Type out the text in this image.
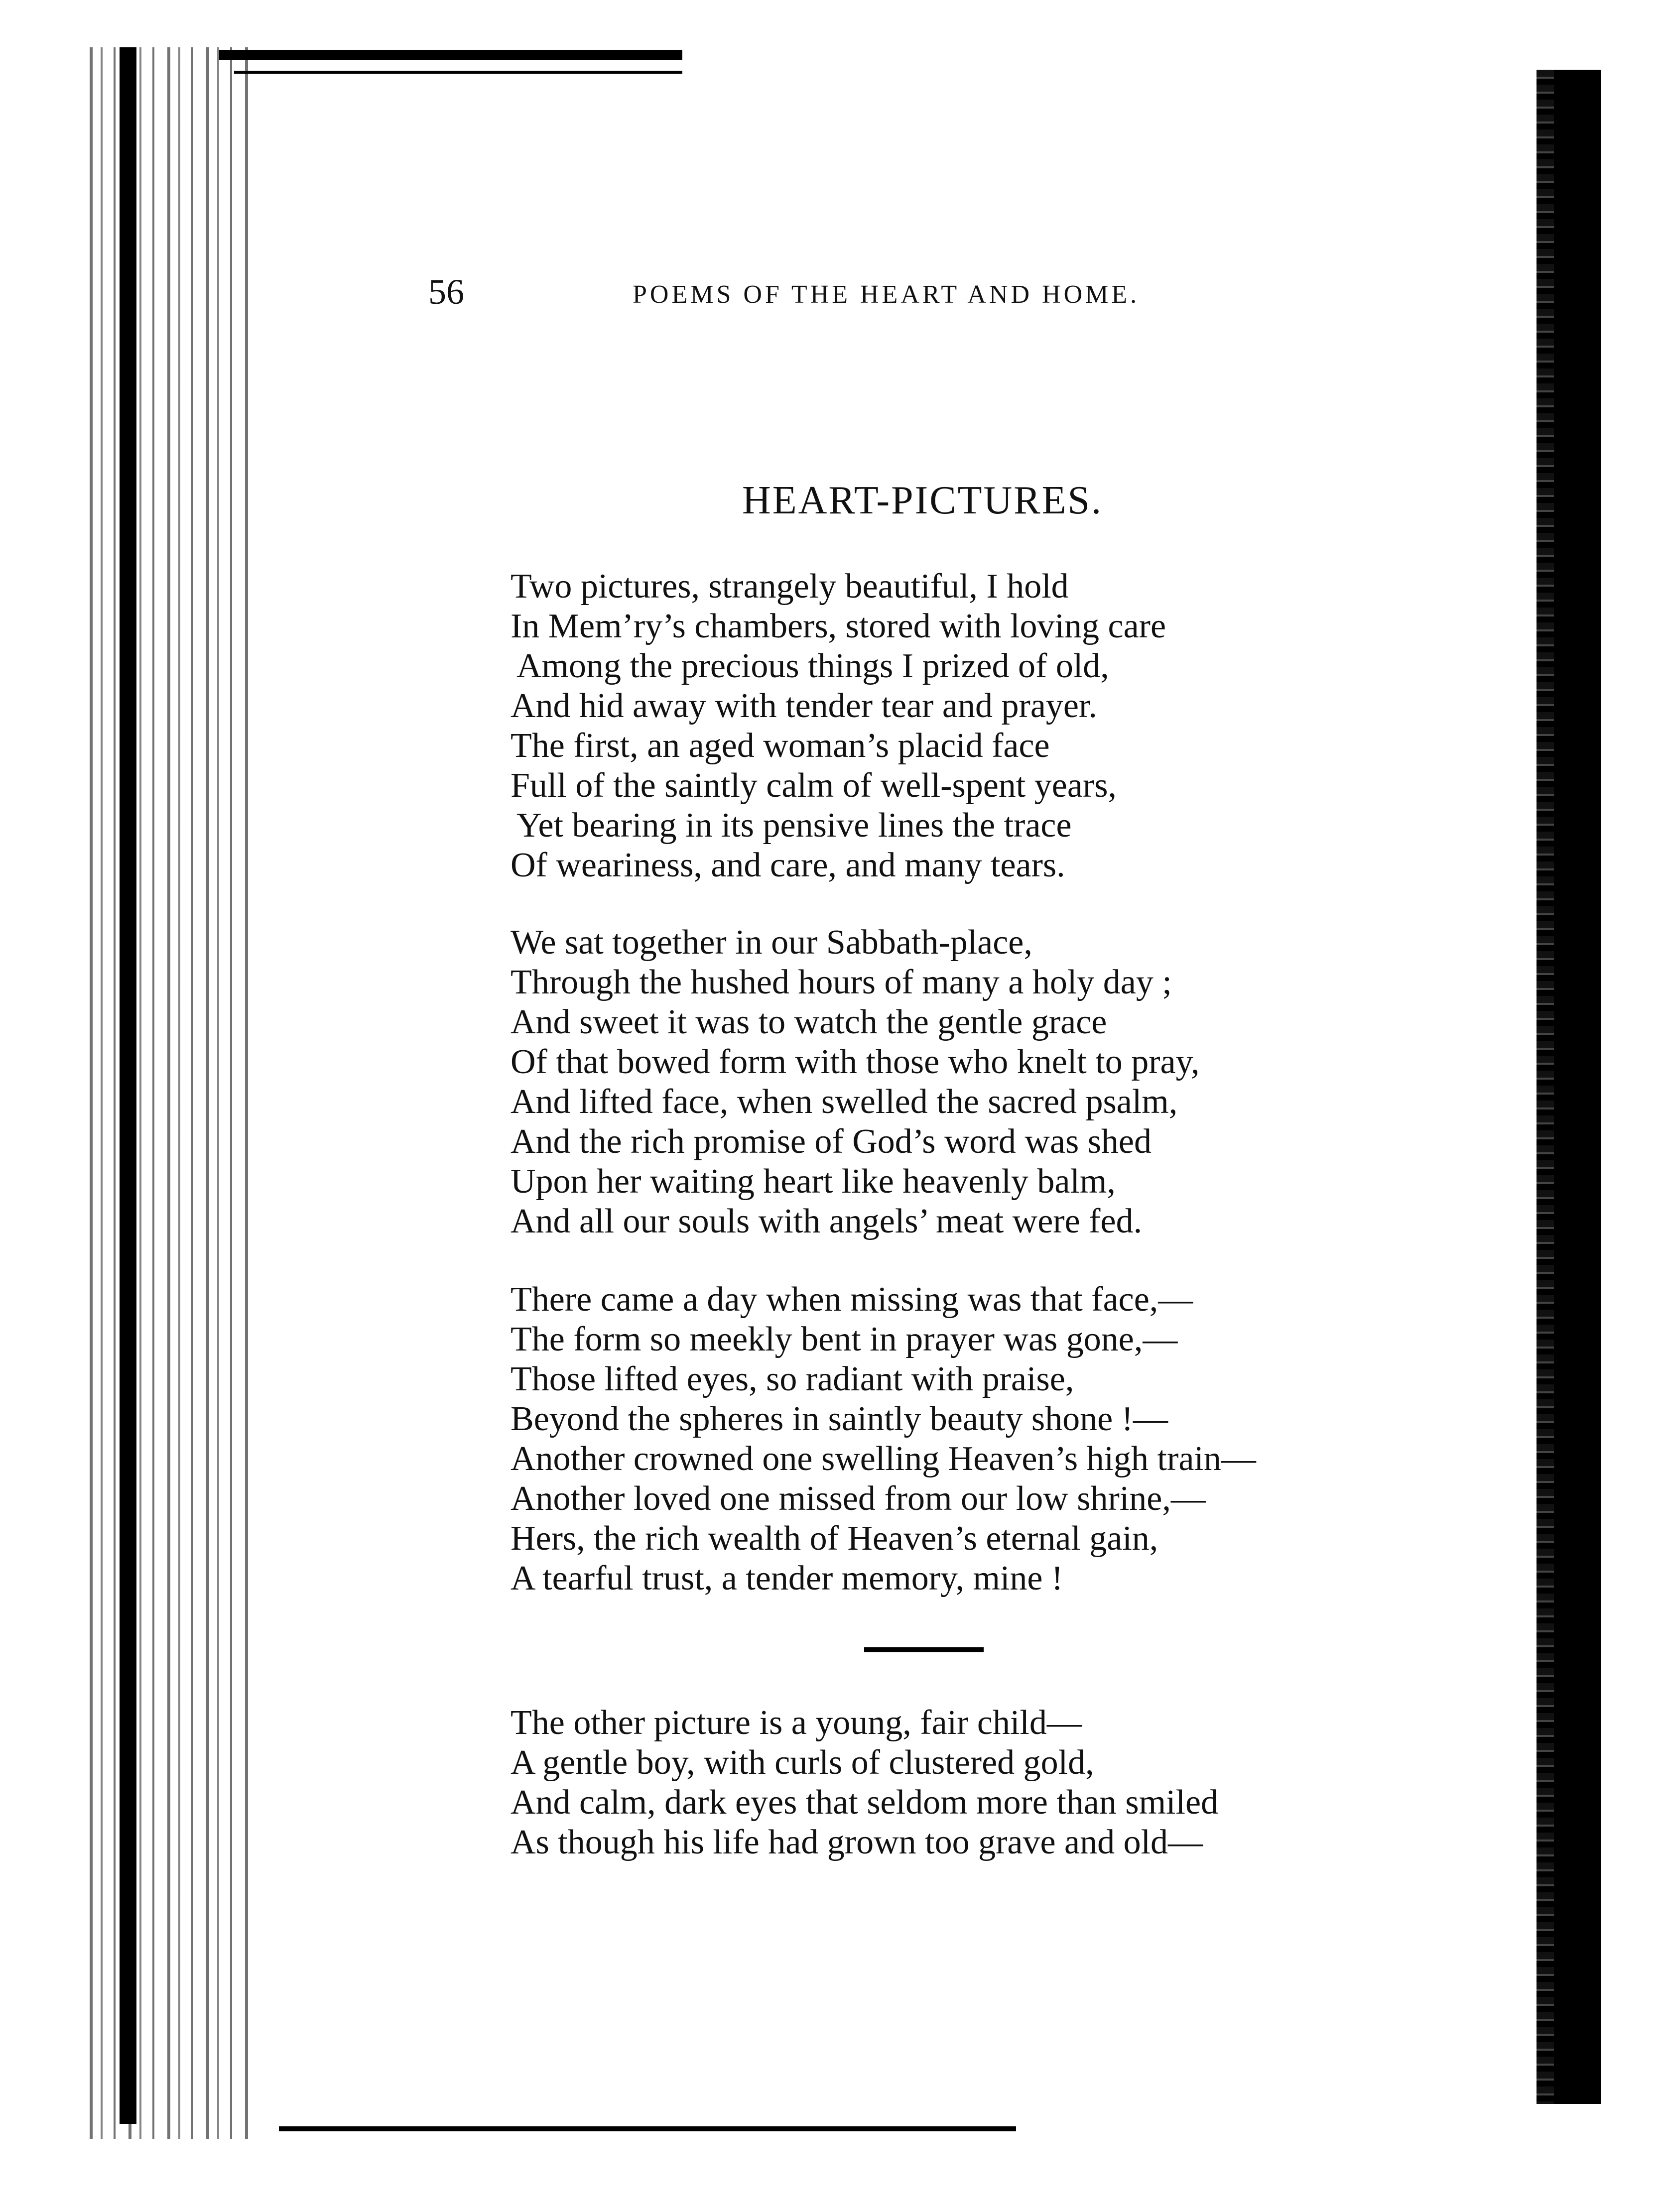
56	POEMS OF THE HEART AND HOME.
HEART-PICTURES.
Two pictures, strangely beautiful, I hold
In Mem’ry’s chambers, stored with loving care
Among the precious things I prized of old,
And hid away with tender tear and prayer.
The first, an aged woman’s placid face
Full of the saintly calm of well-spent years,
Yet bearing in its pensive lines the trace
Of weariness, and care, and many tears.
We sat together in our Sabbath-place,
Through the hushed hours of many a holy day ;
And sweet it was to watch the gentle grace
Of that bowed form with those who knelt to pray,
And lifted face, when swelled the sacred psalm,
And the rich promise of God’s word was shed
Upon her waiting heart like heavenly balm,
And all our souls with angels’ meat were fed.
There came a day when missing was that face,—
The form so meekly bent in prayer was gone,—
Those lifted eyes, so radiant with praise,
Beyond the spheres in saintly beauty shone !—
Another crowned one swelling Heaven’s high train—
Another loved one missed from our low shrine,—
Hers, the rich wealth of Heaven’s eternal gain,
A tearful trust, a tender memory, mine !
The other picture is a young, fair child—
A gentle boy, with curls of clustered gold,
And calm, dark eyes that seldom more than smiled
As though his life had grown too grave and old—
